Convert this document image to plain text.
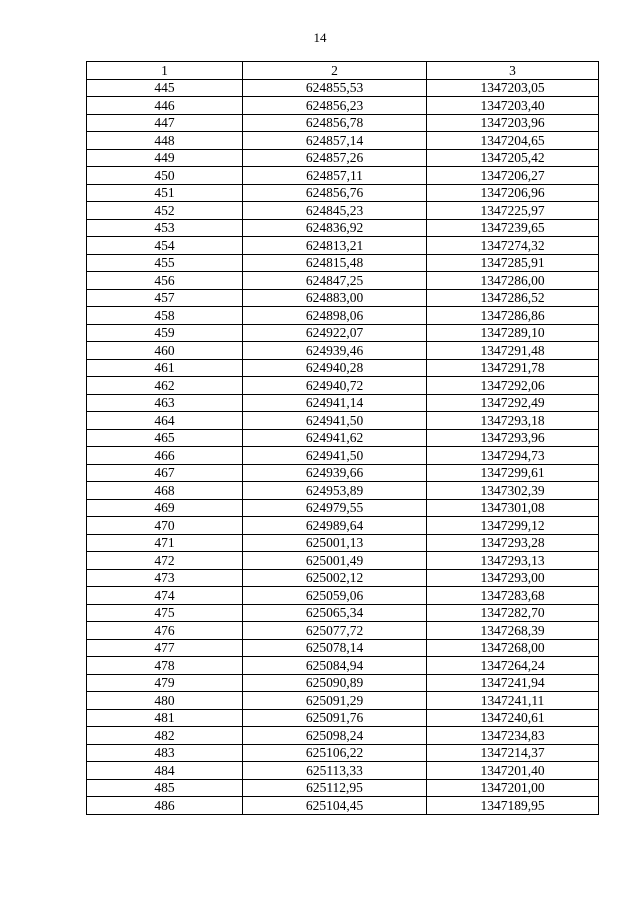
14
1	2	3
445	624855,53	1347203,05
446	624856,23	1347203,40
447	624856,78	1347203,96
448	624857,14	1347204,65
449	624857,26	1347205,42
450	624857,11	1347206,27
451	624856,76	1347206,96
452	624845,23	1347225,97
453	624836,92	1347239,65
454	624813,21	1347274,32
455	624815,48	1347285,91
456	624847,25	1347286,00
457	624883,00	1347286,52
458	624898,06	1347286,86
459	624922,07	1347289,10
460	624939,46	1347291,48
461	624940,28	1347291,78
462	624940,72	1347292,06
463	624941,14	1347292,49
464	624941,50	1347293,18
465	624941,62	1347293,96
466	624941,50	1347294,73
467	624939,66	1347299,61
468	624953,89	1347302,39
469	624979,55	1347301,08
470	624989,64	1347299,12
471	625001,13	1347293,28
472	625001,49	1347293,13
473	625002,12	1347293,00
474	625059,06	1347283,68
475	625065,34	1347282,70
476	625077,72	1347268,39
477	625078,14	1347268,00
478	625084,94	1347264,24
479	625090,89	1347241,94
480	625091,29	1347241,11
481	625091,76	1347240,61
482	625098,24	1347234,83
483	625106,22	1347214,37
484	625113,33	1347201,40
485	625112,95	1347201,00
486	625104,45	1347189,95
